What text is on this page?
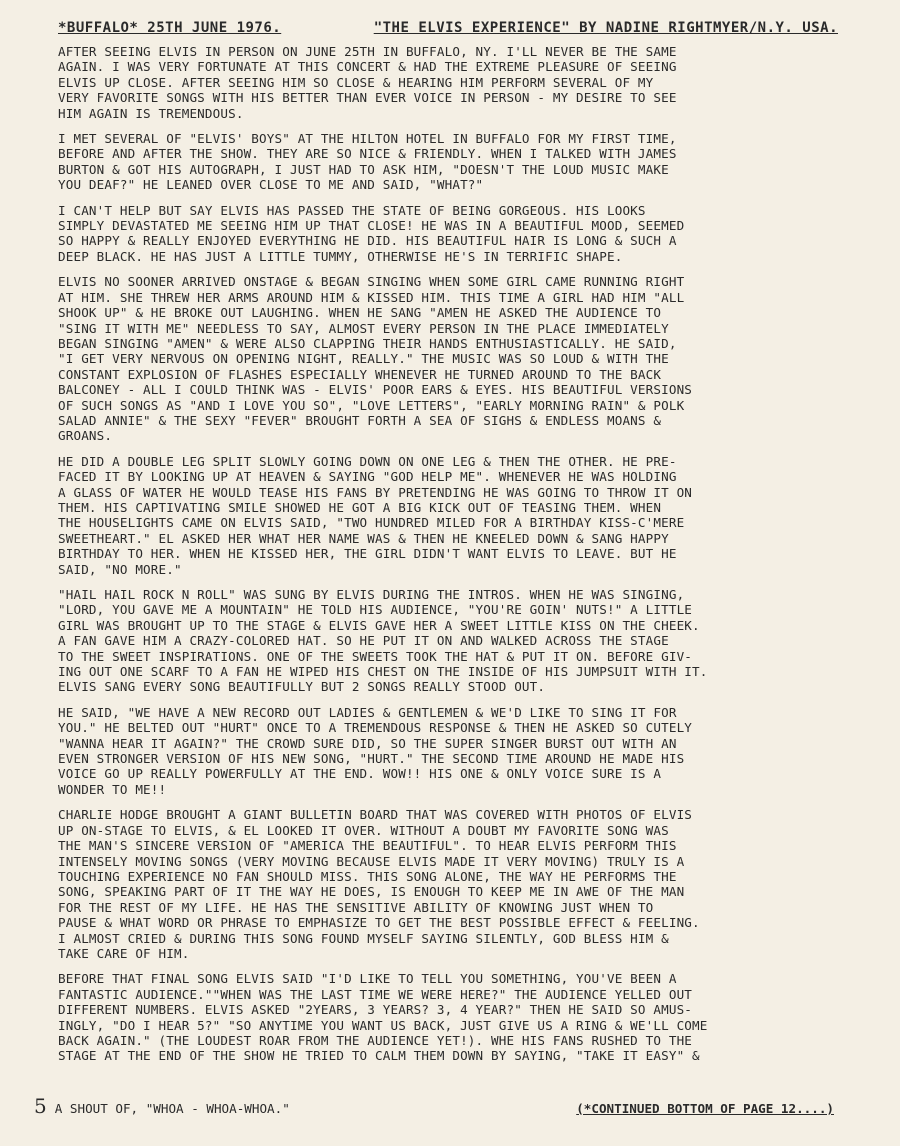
*BUFFALO* 25TH JUNE 1976.	"THE ELVIS EXPERIENCE" BY NADINE RIGHTMYER/N.Y. USA.

AFTER SEEING ELVIS IN PERSON ON JUNE 25TH IN BUFFALO, NY. I'LL NEVER BE THE SAME
AGAIN. I WAS VERY FORTUNATE AT THIS CONCERT & HAD THE EXTREME PLEASURE OF SEEING
ELVIS UP CLOSE. AFTER SEEING HIM SO CLOSE & HEARING HIM PERFORM SEVERAL OF MY
VERY FAVORITE SONGS WITH HIS BETTER THAN EVER VOICE IN PERSON - MY DESIRE TO SEE
HIM AGAIN IS TREMENDOUS.

I MET SEVERAL OF "ELVIS' BOYS" AT THE HILTON HOTEL IN BUFFALO FOR MY FIRST TIME,
BEFORE AND AFTER THE SHOW. THEY ARE SO NICE & FRIENDLY. WHEN I TALKED WITH JAMES
BURTON & GOT HIS AUTOGRAPH, I JUST HAD TO ASK HIM, "DOESN'T THE LOUD MUSIC MAKE
YOU DEAF?" HE LEANED OVER CLOSE TO ME AND SAID, "WHAT?"

I CAN'T HELP BUT SAY ELVIS HAS PASSED THE STATE OF BEING GORGEOUS. HIS LOOKS
SIMPLY DEVASTATED ME SEEING HIM UP THAT CLOSE! HE WAS IN A BEAUTIFUL MOOD, SEEMED
SO HAPPY & REALLY ENJOYED EVERYTHING HE DID. HIS BEAUTIFUL HAIR IS LONG & SUCH A
DEEP BLACK. HE HAS JUST A LITTLE TUMMY, OTHERWISE HE'S IN TERRIFIC SHAPE.

ELVIS NO SOONER ARRIVED ONSTAGE & BEGAN SINGING WHEN SOME GIRL CAME RUNNING RIGHT
AT HIM. SHE THREW HER ARMS AROUND HIM & KISSED HIM. THIS TIME A GIRL HAD HIM "ALL
SHOOK UP" & HE BROKE OUT LAUGHING. WHEN HE SANG "AMEN HE ASKED THE AUDIENCE TO
"SING IT WITH ME" NEEDLESS TO SAY, ALMOST EVERY PERSON IN THE PLACE IMMEDIATELY
BEGAN SINGING "AMEN" & WERE ALSO CLAPPING THEIR HANDS ENTHUSIASTICALLY. HE SAID,
"I GET VERY NERVOUS ON OPENING NIGHT, REALLY." THE MUSIC WAS SO LOUD & WITH THE
CONSTANT EXPLOSION OF FLASHES ESPECIALLY WHENEVER HE TURNED AROUND TO THE BACK
BALCONEY - ALL I COULD THINK WAS - ELVIS' POOR EARS & EYES. HIS BEAUTIFUL VERSIONS
OF SUCH SONGS AS "AND I LOVE YOU SO", "LOVE LETTERS", "EARLY MORNING RAIN" & POLK
SALAD ANNIE" & THE SEXY "FEVER" BROUGHT FORTH A SEA OF SIGHS & ENDLESS MOANS &
GROANS.

HE DID A DOUBLE LEG SPLIT SLOWLY GOING DOWN ON ONE LEG & THEN THE OTHER. HE PRE-
FACED IT BY LOOKING UP AT HEAVEN & SAYING "GOD HELP ME". WHENEVER HE WAS HOLDING
A GLASS OF WATER HE WOULD TEASE HIS FANS BY PRETENDING HE WAS GOING TO THROW IT ON
THEM. HIS CAPTIVATING SMILE SHOWED HE GOT A BIG KICK OUT OF TEASING THEM. WHEN
THE HOUSELIGHTS CAME ON ELVIS SAID, "TWO HUNDRED MILED FOR A BIRTHDAY KISS-C'MERE
SWEETHEART." EL ASKED HER WHAT HER NAME WAS & THEN HE KNEELED DOWN & SANG HAPPY
BIRTHDAY TO HER. WHEN HE KISSED HER, THE GIRL DIDN'T WANT ELVIS TO LEAVE. BUT HE
SAID, "NO MORE."

"HAIL HAIL ROCK N ROLL" WAS SUNG BY ELVIS DURING THE INTROS. WHEN HE WAS SINGING,
"LORD, YOU GAVE ME A MOUNTAIN" HE TOLD HIS AUDIENCE, "YOU'RE GOIN' NUTS!" A LITTLE
GIRL WAS BROUGHT UP TO THE STAGE & ELVIS GAVE HER A SWEET LITTLE KISS ON THE CHEEK.
A FAN GAVE HIM A CRAZY-COLORED HAT. SO HE PUT IT ON AND WALKED ACROSS THE STAGE
TO THE SWEET INSPIRATIONS. ONE OF THE SWEETS TOOK THE HAT & PUT IT ON. BEFORE GIV-
ING OUT ONE SCARF TO A FAN HE WIPED HIS CHEST ON THE INSIDE OF HIS JUMPSUIT WITH IT.
ELVIS SANG EVERY SONG BEAUTIFULLY BUT 2 SONGS REALLY STOOD OUT.

HE SAID, "WE HAVE A NEW RECORD OUT LADIES & GENTLEMEN & WE'D LIKE TO SING IT FOR
YOU." HE BELTED OUT "HURT" ONCE TO A TREMENDOUS RESPONSE & THEN HE ASKED SO CUTELY
"WANNA HEAR IT AGAIN?" THE CROWD SURE DID, SO THE SUPER SINGER BURST OUT WITH AN
EVEN STRONGER VERSION OF HIS NEW SONG, "HURT." THE SECOND TIME AROUND HE MADE HIS
VOICE GO UP REALLY POWERFULLY AT THE END. WOW!! HIS ONE & ONLY VOICE SURE IS A
WONDER TO ME!!

CHARLIE HODGE BROUGHT A GIANT BULLETIN BOARD THAT WAS COVERED WITH PHOTOS OF ELVIS
UP ON-STAGE TO ELVIS, & EL LOOKED IT OVER. WITHOUT A DOUBT MY FAVORITE SONG WAS
THE MAN'S SINCERE VERSION OF "AMERICA THE BEAUTIFUL". TO HEAR ELVIS PERFORM THIS
INTENSELY MOVING SONGS (VERY MOVING BECAUSE ELVIS MADE IT VERY MOVING) TRULY IS A
TOUCHING EXPERIENCE NO FAN SHOULD MISS. THIS SONG ALONE, THE WAY HE PERFORMS THE
SONG, SPEAKING PART OF IT THE WAY HE DOES, IS ENOUGH TO KEEP ME IN AWE OF THE MAN
FOR THE REST OF MY LIFE. HE HAS THE SENSITIVE ABILITY OF KNOWING JUST WHEN TO
PAUSE & WHAT WORD OR PHRASE TO EMPHASIZE TO GET THE BEST POSSIBLE EFFECT & FEELING.
I ALMOST CRIED & DURING THIS SONG FOUND MYSELF SAYING SILENTLY, GOD BLESS HIM &
TAKE CARE OF HIM.

BEFORE THAT FINAL SONG ELVIS SAID "I'D LIKE TO TELL YOU SOMETHING, YOU'VE BEEN A
FANTASTIC AUDIENCE.""WHEN WAS THE LAST TIME WE WERE HERE?" THE AUDIENCE YELLED OUT
DIFFERENT NUMBERS. ELVIS ASKED "2YEARS, 3 YEARS? 3, 4 YEAR?" THEN HE SAID SO AMUS-
INGLY, "DO I HEAR 5?" "SO ANYTIME YOU WANT US BACK, JUST GIVE US A RING & WE'LL COME
BACK AGAIN." (THE LOUDEST ROAR FROM THE AUDIENCE YET!). WHE HIS FANS RUSHED TO THE
STAGE AT THE END OF THE SHOW HE TRIED TO CALM THEM DOWN BY SAYING, "TAKE IT EASY" &

5 A SHOUT OF, "WHOA - WHOA-WHOA."	(*CONTINUED BOTTOM OF PAGE 12....)
